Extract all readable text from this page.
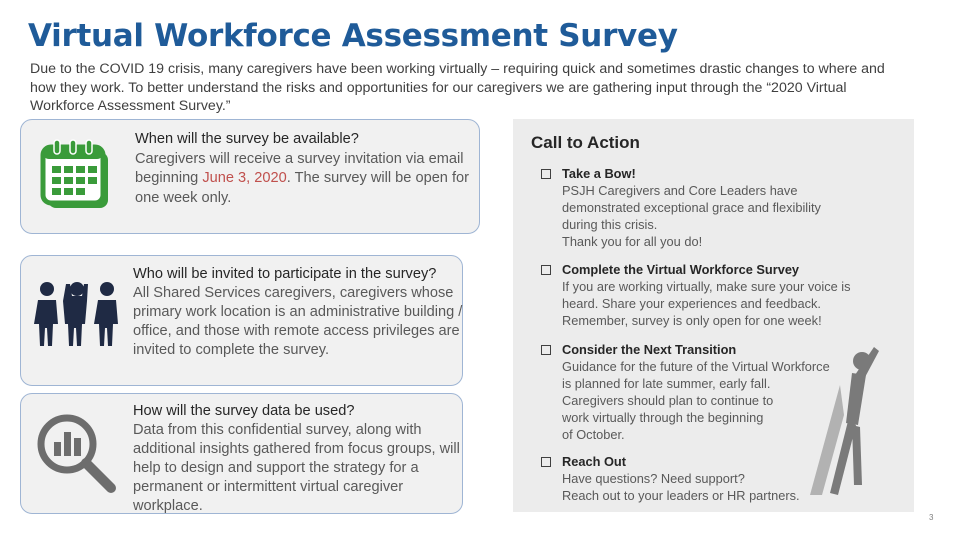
Virtual Workforce Assessment Survey
Due to the COVID 19 crisis, many caregivers have been working virtually – requiring quick and sometimes drastic changes to where and how they work. To better understand the risks and opportunities for our caregivers we are gathering input through the “2020 Virtual Workforce Assessment Survey.”
When will the survey be available?
Caregivers will receive a survey invitation via email beginning June 3, 2020. The survey will be open for one week only.
Who will be invited to participate in the survey?
All Shared Services caregivers, caregivers whose primary work location is an administrative building / office, and those with remote access privileges are invited to complete the survey.
How will the survey data be used?
Data from this confidential survey, along with additional insights gathered from focus groups, will help to design and support the strategy for a permanent or intermittent virtual caregiver workplace.
Call to Action
Take a Bow!
PSJH Caregivers and Core Leaders have
demonstrated exceptional grace and flexibility
during this crisis.
Thank you for all you do!
Complete the Virtual Workforce Survey
If you are working virtually, make sure your voice is
heard. Share your experiences and feedback.
Remember, survey is only open for one week!
Consider the Next Transition
Guidance for the future of the Virtual Workforce
is planned for late summer, early fall.
Caregivers should plan to continue to
work virtually through the beginning
of October.
Reach Out
Have questions? Need support?
Reach out to your leaders or HR partners.
3
